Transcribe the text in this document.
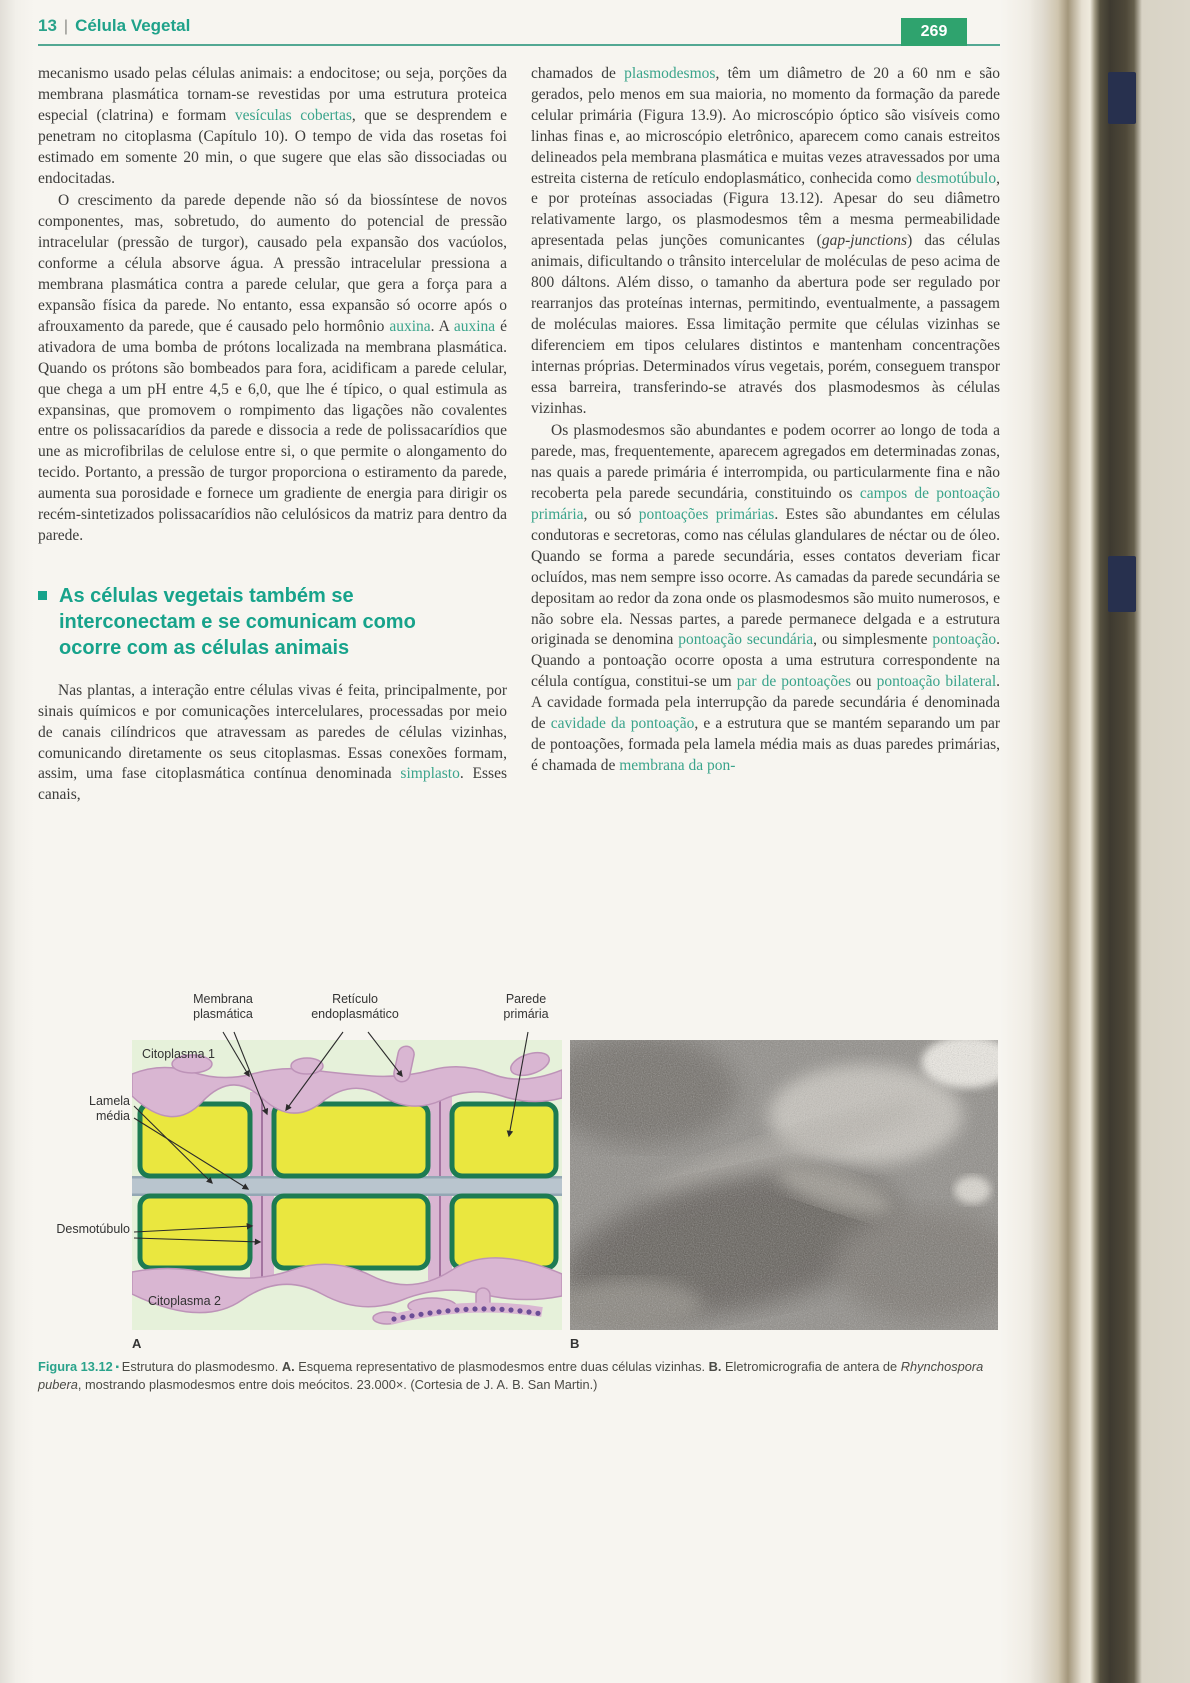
13 | Célula Vegetal	269

mecanismo usado pelas células animais: a endocitose; ou seja, porções da membrana plasmática tornam-se revestidas por uma estrutura proteica especial (clatrina) e formam vesículas cobertas, que se desprendem e penetram no citoplasma (Capítulo 10). O tempo de vida das rosetas foi estimado em somente 20 min, o que sugere que elas são dissociadas ou endocitadas.

O crescimento da parede depende não só da biossíntese de novos componentes, mas, sobretudo, do aumento do potencial de pressão intracelular (pressão de turgor), causado pela expansão dos vacúolos, conforme a célula absorve água. A pressão intracelular pressiona a membrana plasmática contra a parede celular, que gera a força para a expansão física da parede. No entanto, essa expansão só ocorre após o afrouxamento da parede, que é causado pelo hormônio auxina. A auxina é ativadora de uma bomba de prótons localizada na membrana plasmática. Quando os prótons são bombeados para fora, acidificam a parede celular, que chega a um pH entre 4,5 e 6,0, que lhe é típico, o qual estimula as expansinas, que promovem o rompimento das ligações não covalentes entre os polissacarídios da parede e dissocia a rede de polissacarídios que une as microfibrilas de celulose entre si, o que permite o alongamento do tecido. Portanto, a pressão de turgor proporciona o estiramento da parede, aumenta sua porosidade e fornece um gradiente de energia para dirigir os recém-sintetizados polissacarídios não celulósicos da matriz para dentro da parede.

As células vegetais também se interconectam e se comunicam como ocorre com as células animais

Nas plantas, a interação entre células vivas é feita, principalmente, por sinais químicos e por comunicações intercelulares, processadas por meio de canais cilíndricos que atravessam as paredes de células vizinhas, comunicando diretamente os seus citoplasmas. Essas conexões formam, assim, uma fase citoplasmática contínua denominada simplasto. Esses canais,

chamados de plasmodesmos, têm um diâmetro de 20 a 60 nm e são gerados, pelo menos em sua maioria, no momento da formação da parede celular primária (Figura 13.9). Ao microscópio óptico são visíveis como linhas finas e, ao microscópio eletrônico, aparecem como canais estreitos delineados pela membrana plasmática e muitas vezes atravessados por uma estreita cisterna de retículo endoplasmático, conhecida como desmotúbulo, e por proteínas associadas (Figura 13.12). Apesar do seu diâmetro relativamente largo, os plasmodesmos têm a mesma permeabilidade apresentada pelas junções comunicantes (gap-junctions) das células animais, dificultando o trânsito intercelular de moléculas de peso acima de 800 dáltons. Além disso, o tamanho da abertura pode ser regulado por rearranjos das proteínas internas, permitindo, eventualmente, a passagem de moléculas maiores. Essa limitação permite que células vizinhas se diferenciem em tipos celulares distintos e mantenham concentrações internas próprias. Determinados vírus vegetais, porém, conseguem transpor essa barreira, transferindo-se através dos plasmodesmos às células vizinhas.

Os plasmodesmos são abundantes e podem ocorrer ao longo de toda a parede, mas, frequentemente, aparecem agregados em determinadas zonas, nas quais a parede primária é interrompida, ou particularmente fina e não recoberta pela parede secundária, constituindo os campos de pontoação primária, ou só pontoações primárias. Estes são abundantes em células condutoras e secretoras, como nas células glandulares de néctar ou de óleo. Quando se forma a parede secundária, esses contatos deveriam ficar ocluídos, mas nem sempre isso ocorre. As camadas da parede secundária se depositam ao redor da zona onde os plasmodesmos são muito numerosos, e não sobre ela. Nessas partes, a parede permanece delgada e a estrutura originada se denomina pontoação secundária, ou simplesmente pontoação. Quando a pontoação ocorre oposta a uma estrutura correspondente na célula contígua, constitui-se um par de pontoações ou pontoação bilateral. A cavidade formada pela interrupção da parede secundária é denominada de cavidade da pontoação, e a estrutura que se mantém separando um par de pontoações, formada pela lamela média mais as duas paredes primárias, é chamada de membrana da pon-

Membrana plasmática
Retículo endoplasmático
Parede primária
Lamela média
Desmotúbulo
Citoplasma 1
Citoplasma 2
A	B
Figura 13.12 ▪ Estrutura do plasmodesmo. A. Esquema representativo de plasmodesmos entre duas células vizinhas. B. Eletromicrografia de antera de Rhynchospora pubera, mostrando plasmodesmos entre dois meócitos. 23.000×. (Cortesia de J. A. B. San Martin.)
